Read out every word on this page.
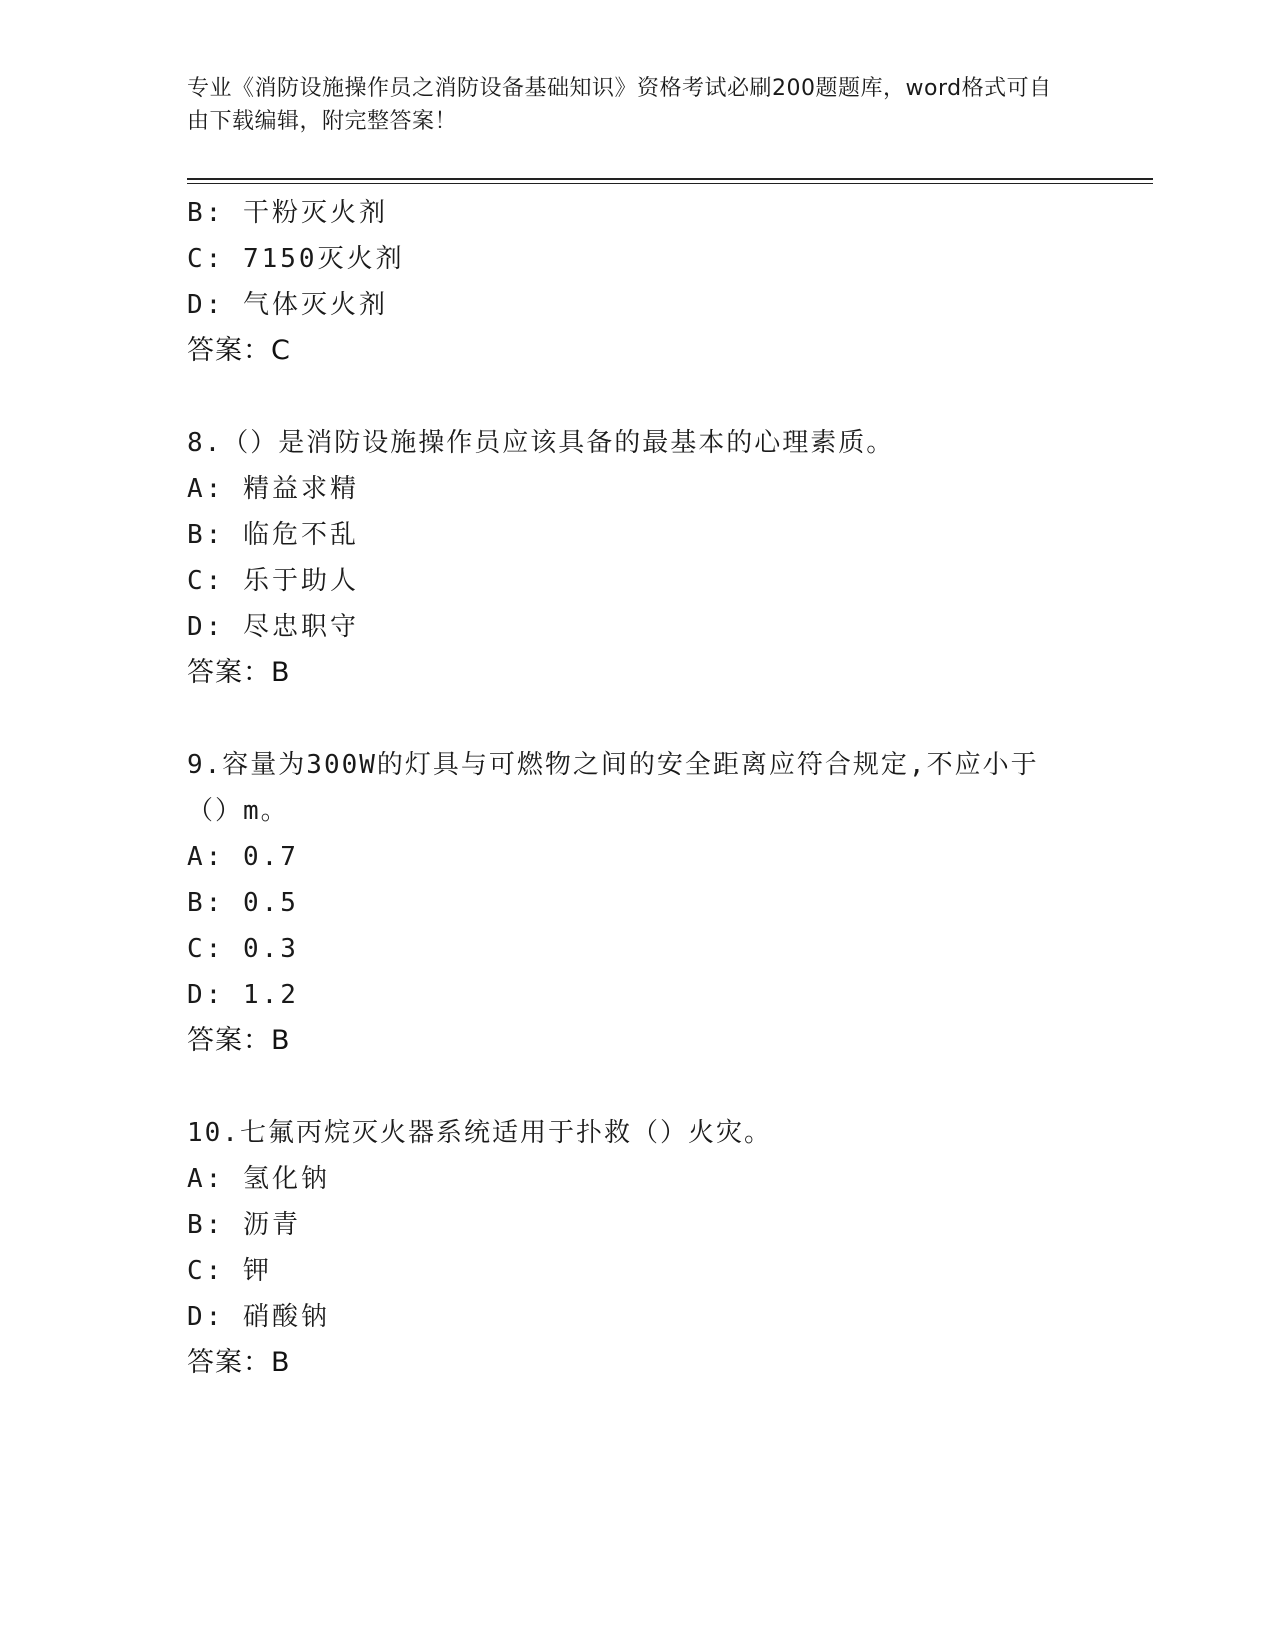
专业《消防设施操作员之消防设备基础知识》资格考试必刷200题题库，word格式可自由下载编辑，附完整答案！
B: 干粉灭火剂
C: 7150灭火剂
D: 气体灭火剂
答案：C
8.（）是消防设施操作员应该具备的最基本的心理素质。
A: 精益求精
B: 临危不乱
C: 乐于助人
D: 尽忠职守
答案：B
9.容量为300W的灯具与可燃物之间的安全距离应符合规定,不应小于
（）m。
A: 0.7
B: 0.5
C: 0.3
D: 1.2
答案：B
10.七氟丙烷灭火器系统适用于扑救（）火灾。
A: 氢化钠
B: 沥青
C: 钾
D: 硝酸钠
答案：B
